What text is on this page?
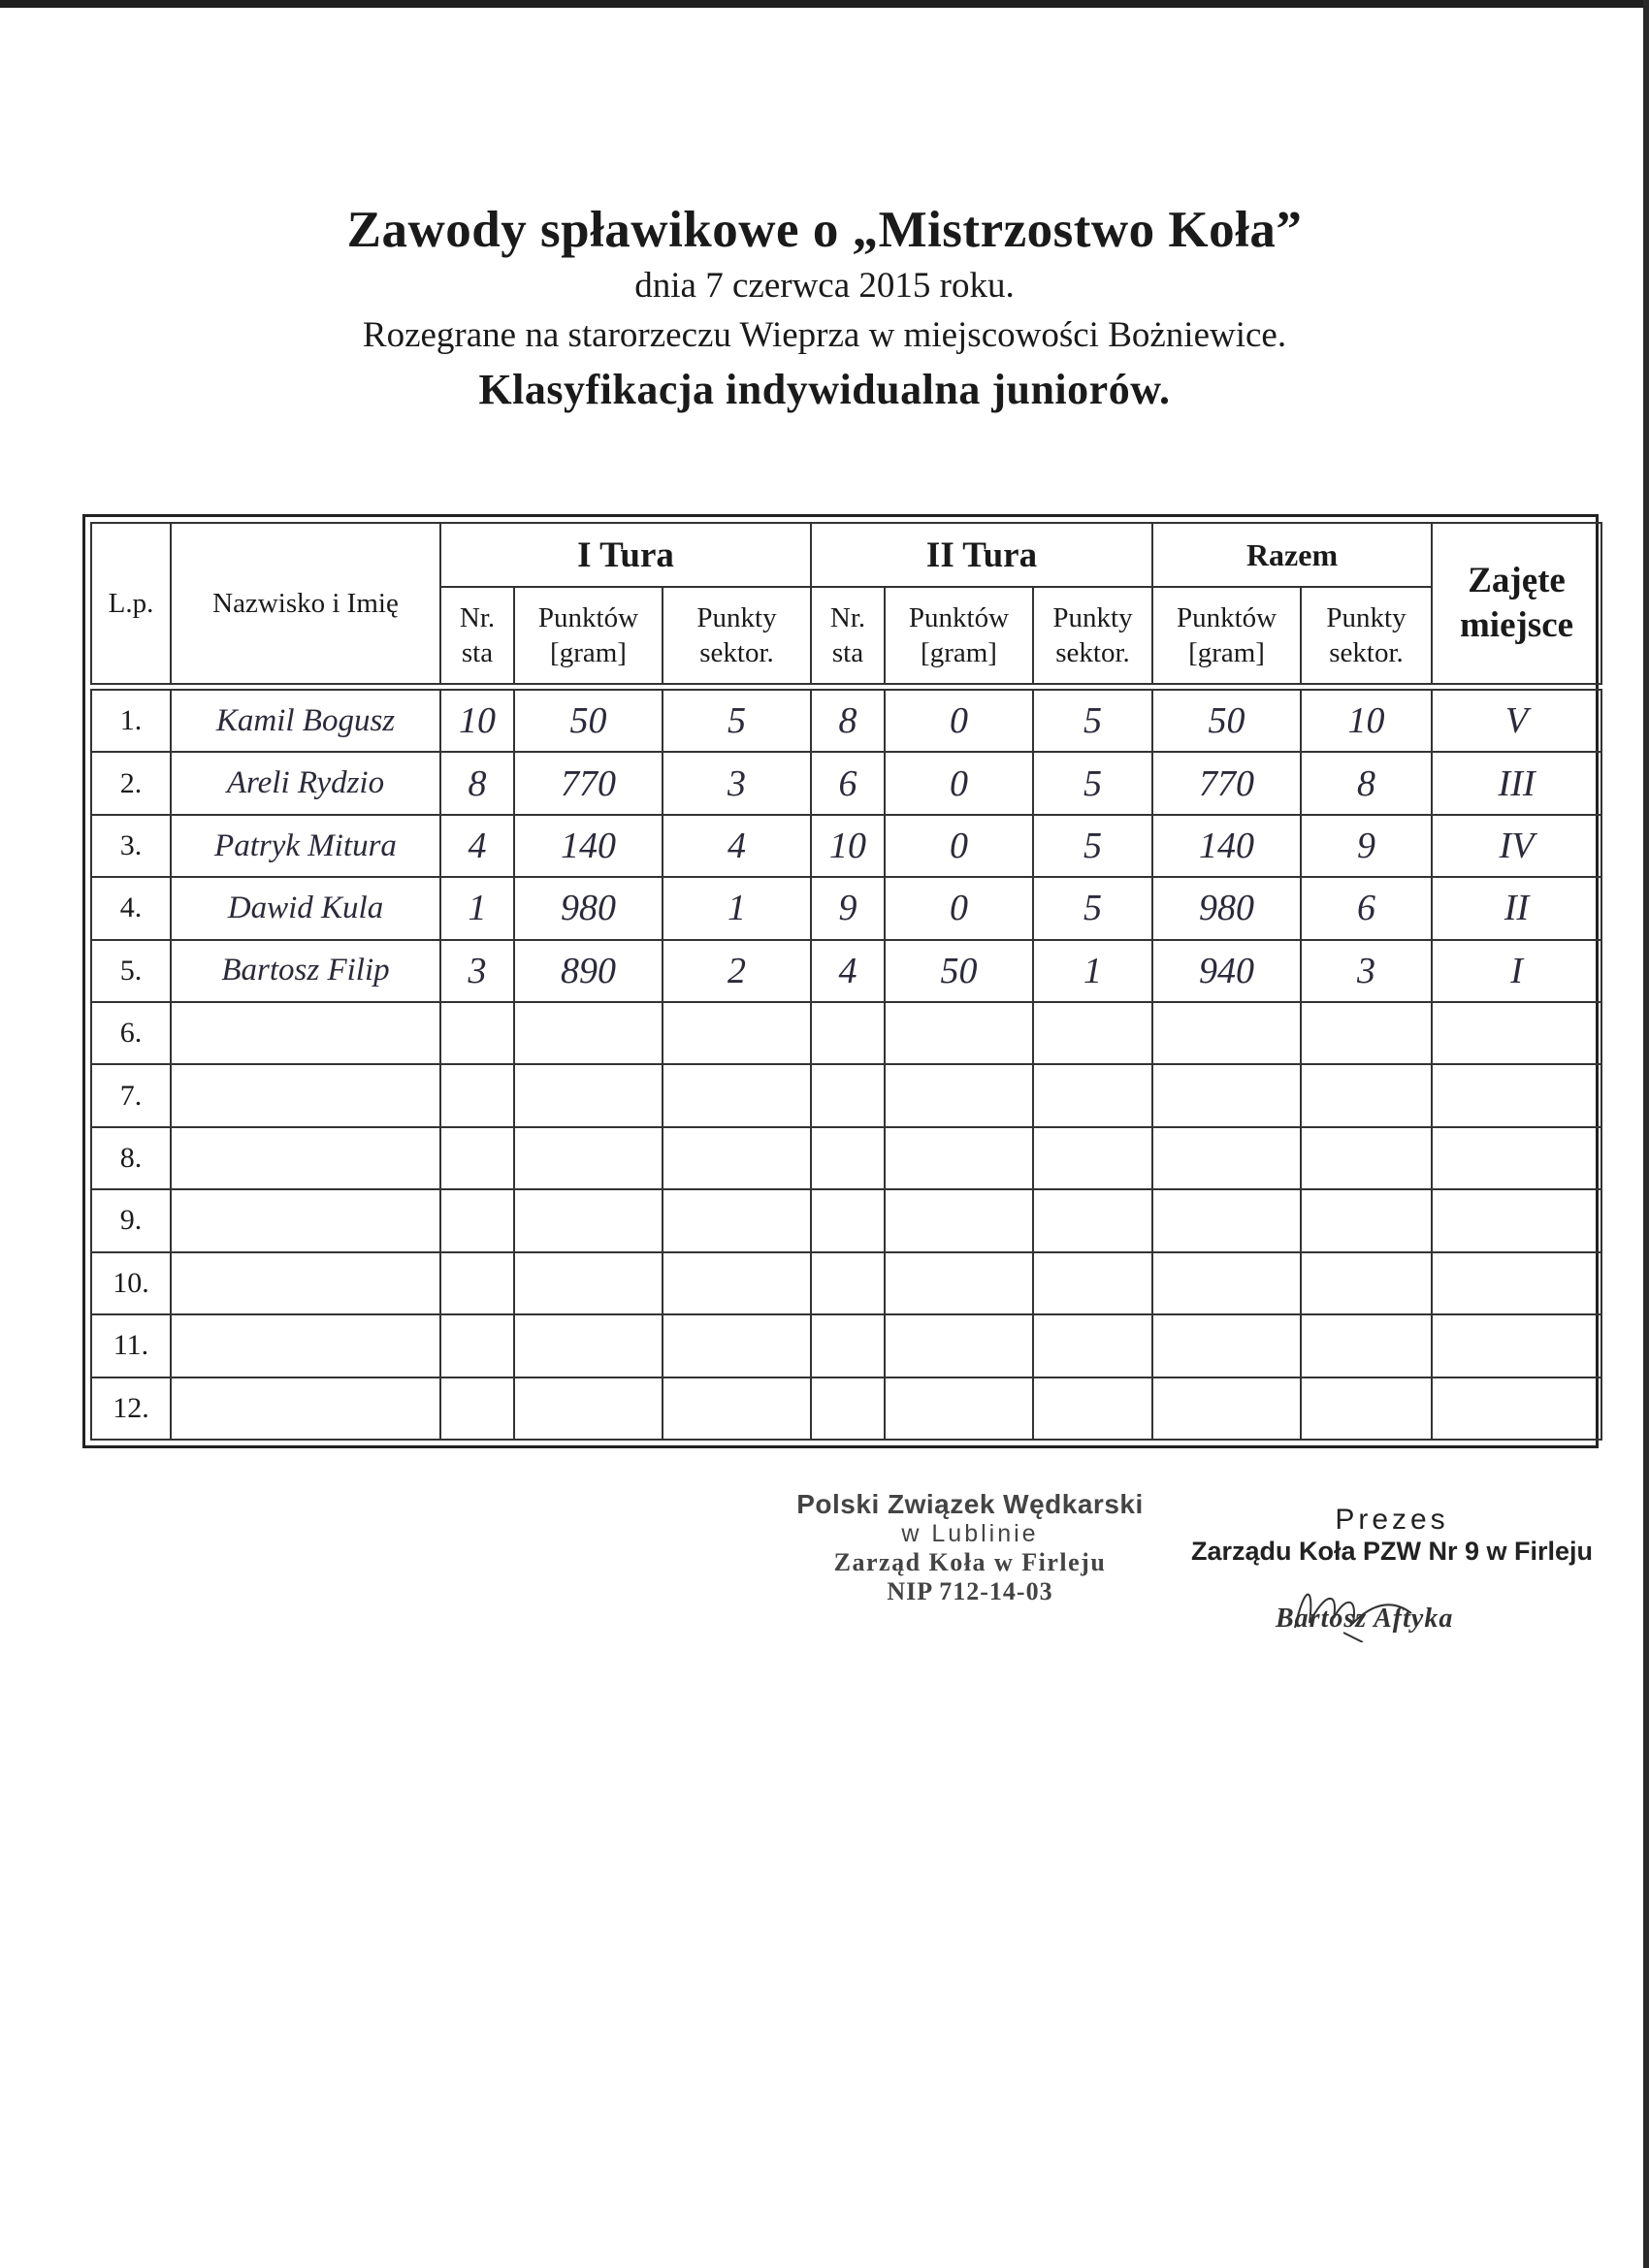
Zawody spławikowe o „Mistrzostwo Koła”
dnia 7 czerwca 2015 roku.
Rozegrane na starorzeczu Wieprza w miejscowości Bożniewice.
Klasyfikacja indywidualna juniorów.
L.p.	Nazwisko i Imię	I Tura			II Tura			Razem		Zajęte miejsce
		Nr. sta	Punktów [gram]	Punkty sektor.	Nr. sta	Punktów [gram]	Punkty sektor.	Punktów [gram]	Punkty sektor.	

1.	Kamil Bogusz	10	50	5	8	0	5	50	10	V
2.	Areli Rydzio	8	770	3	6	0	5	770	8	III
3.	Patryk Mitura	4	140	4	10	0	5	140	9	IV
4.	Dawid Kula	1	980	1	9	0	5	980	6	II
5.	Bartosz Filip	3	890	2	4	50	1	940	3	I
6.										
7.										
8.										
9.										
10.										
11.										
12.										
Polski Związek Wędkarski
w Lublinie
Zarząd Koła w Firleju
NIP 712-14-03
Prezes
Zarządu Koła PZW Nr 9 w Firleju
Bartosz Aftyka
